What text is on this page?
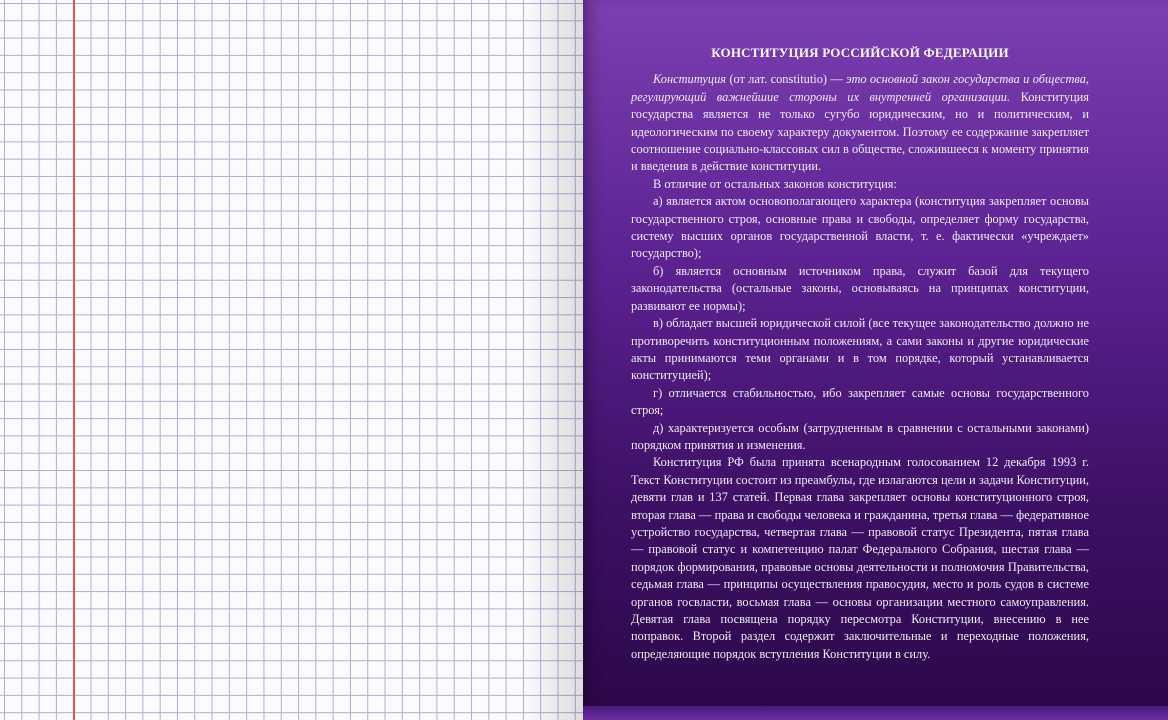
КОНСТИТУЦИЯ РОССИЙСКОЙ ФЕДЕРАЦИИ

Конституция (от лат. constitutio) — это основной закон государства и общества, регулирующий важнейшие стороны их внутренней организации. Конституция государства является не только сугубо юридическим, но и политическим, и идеологическим по своему характеру документом. Поэтому ее содержание закрепляет соотношение социально-классовых сил в обществе, сложившееся к моменту принятия и введения в действие конституции.

В отличие от остальных законов конституция:

а) является актом основополагающего характера (конституция закрепляет основы государственного строя, основные права и свободы, определяет форму государства, систему высших органов государственной власти, т. е. фактически «учреждает» государство);

б) является основным источником права, служит базой для текущего законодательства (остальные законы, основываясь на принципах конституции, развивают ее нормы);

в) обладает высшей юридической силой (все текущее законодательство должно не противоречить конституционным положениям, а сами законы и другие юридические акты принимаются теми органами и в том порядке, который устанавливается конституцией);

г) отличается стабильностью, ибо закрепляет самые основы государственного строя;

д) характеризуется особым (затрудненным в сравнении с остальными законами) порядком принятия и изменения.

Конституция РФ была принята всенародным голосованием 12 декабря 1993 г. Текст Конституции состоит из преамбулы, где излагаются цели и задачи Конституции, девяти глав и 137 статей. Первая глава закрепляет основы конституционного строя, вторая глава — права и свободы человека и гражданина, третья глава — федеративное устройство государства, четвертая глава — правовой статус Президента, пятая глава — правовой статус и компетенцию палат Федерального Собрания, шестая глава — порядок формирования, правовые основы деятельности и полномочия Правительства, седьмая глава — принципы осуществления правосудия, место и роль судов в системе органов госвласти, восьмая глава — основы организации местного самоуправления. Девятая глава посвящена порядку пересмотра Конституции, внесению в нее поправок. Второй раздел содержит заключительные и переходные положения, определяющие порядок вступления Конституции в силу.
